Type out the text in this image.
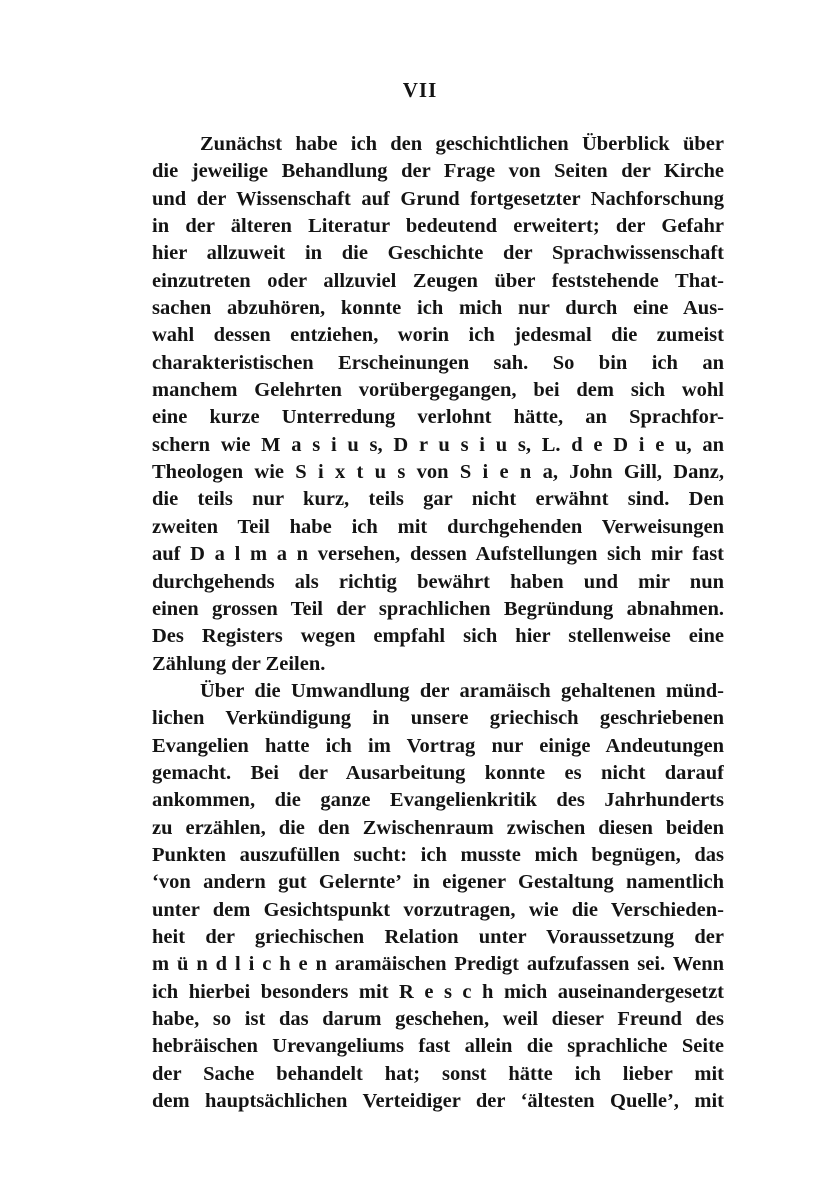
VII
Zunächst habe ich den geschichtlichen Überblick über
die jeweilige Behandlung der Frage von Seiten der Kirche
und der Wissenschaft auf Grund fortgesetzter Nachforschung
in der älteren Literatur bedeutend erweitert; der Gefahr
hier allzuweit in die Geschichte der Sprachwissenschaft
einzutreten oder allzuviel Zeugen über feststehende That-
sachen abzuhören, konnte ich mich nur durch eine Aus-
wahl dessen entziehen, worin ich jedesmal die zumeist
charakteristischen Erscheinungen sah. So bin ich an
manchem Gelehrten vorübergegangen, bei dem sich wohl
eine kurze Unterredung verlohnt hätte, an Sprachfor-
schern wie M a s i u s, D r u s i u s, L. d e D i e u, an
Theologen wie S i x t u s von S i e n a, John Gill, Danz,
die teils nur kurz, teils gar nicht erwähnt sind. Den
zweiten Teil habe ich mit durchgehenden Verweisungen
auf D a l m a n versehen, dessen Aufstellungen sich mir fast
durchgehends als richtig bewährt haben und mir nun
einen grossen Teil der sprachlichen Begründung abnahmen.
Des Registers wegen empfahl sich hier stellenweise eine
Zählung der Zeilen.
Über die Umwandlung der aramäisch gehaltenen münd-
lichen Verkündigung in unsere griechisch geschriebenen
Evangelien hatte ich im Vortrag nur einige Andeutungen
gemacht. Bei der Ausarbeitung konnte es nicht darauf
ankommen, die ganze Evangelienkritik des Jahrhunderts
zu erzählen, die den Zwischenraum zwischen diesen beiden
Punkten auszufüllen sucht: ich musste mich begnügen, das
‘von andern gut Gelernte’ in eigener Gestaltung namentlich
unter dem Gesichtspunkt vorzutragen, wie die Verschieden-
heit der griechischen Relation unter Voraussetzung der
m ü n d l i c h e n aramäischen Predigt aufzufassen sei. Wenn
ich hierbei besonders mit R e s c h mich auseinandergesetzt
habe, so ist das darum geschehen, weil dieser Freund des
hebräischen Urevangeliums fast allein die sprachliche Seite
der Sache behandelt hat; sonst hätte ich lieber mit
dem hauptsächlichen Verteidiger der ‘ältesten Quelle’, mit
